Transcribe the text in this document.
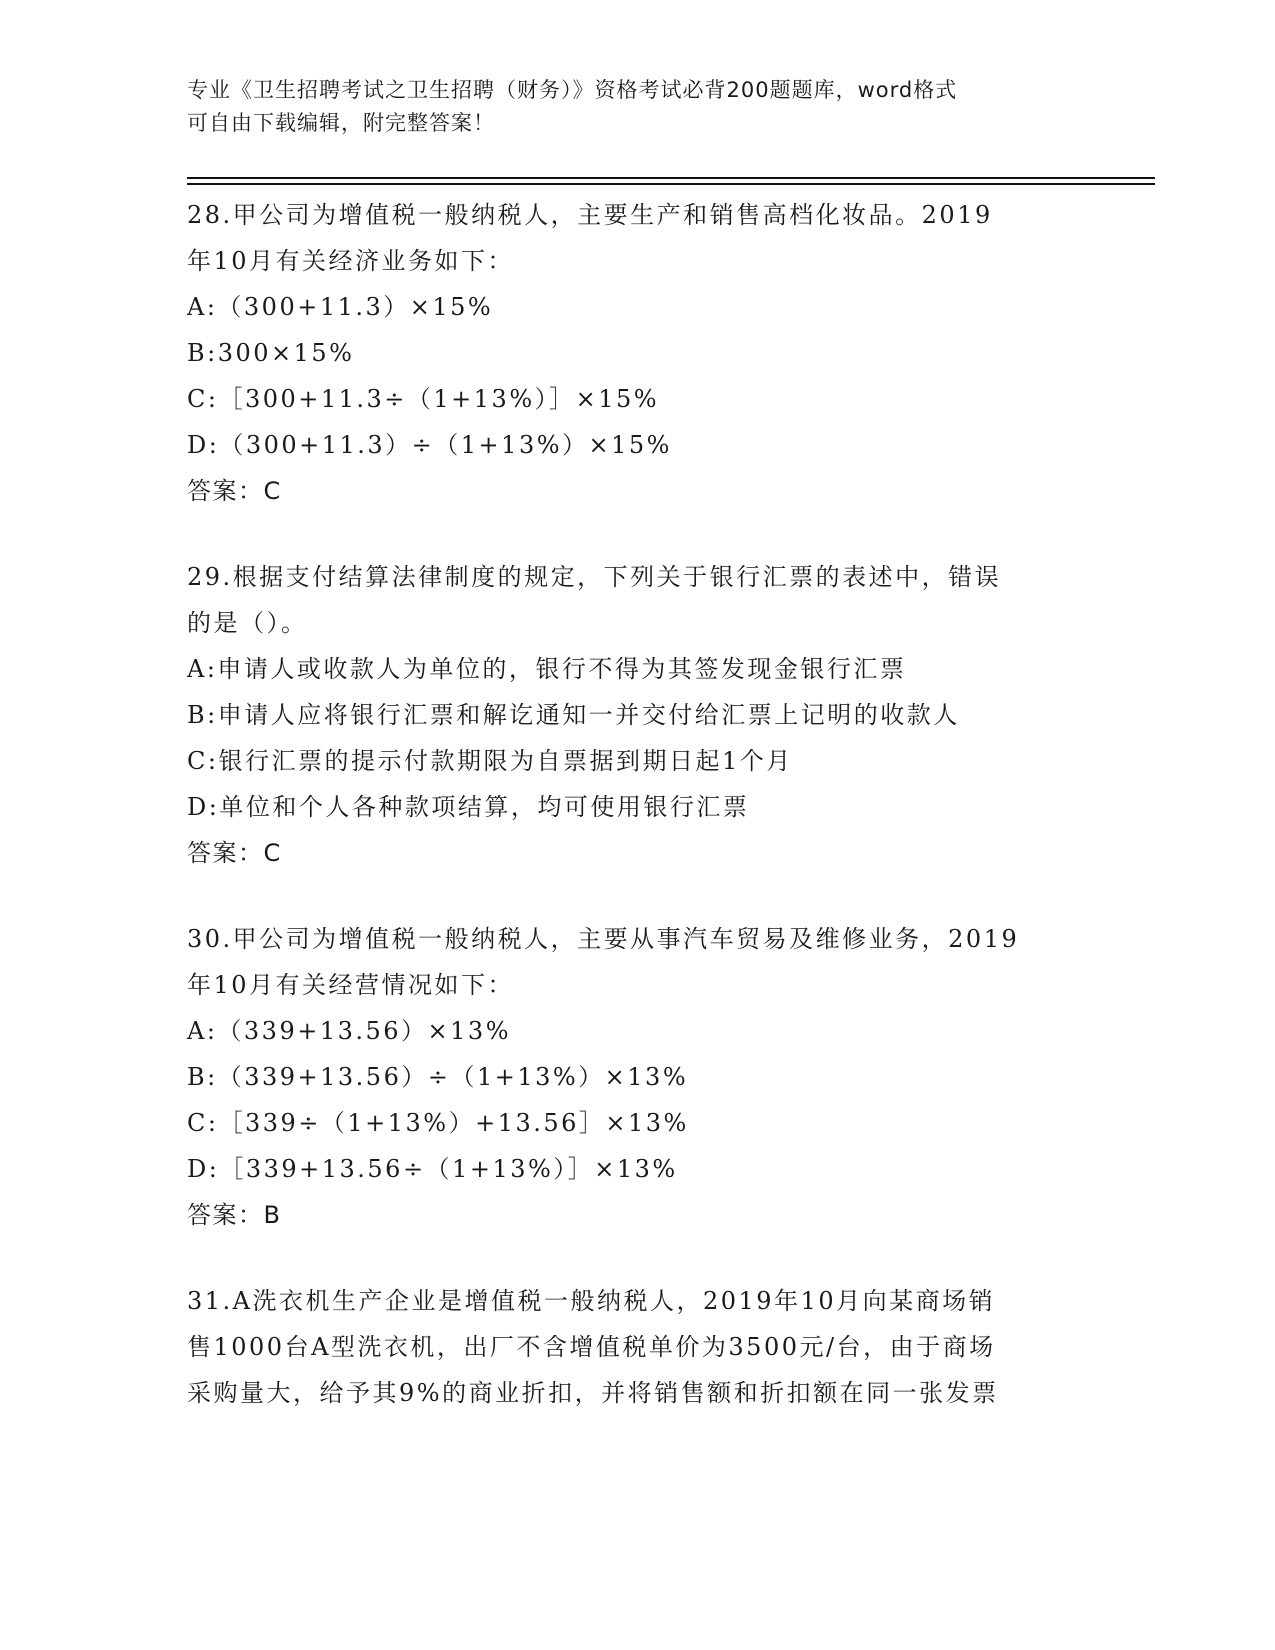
专业《卫生招聘考试之卫生招聘（财务）》资格考试必背200题题库，word格式
可自由下载编辑，附完整答案！
28.甲公司为增值税一般纳税人，主要生产和销售高档化妆品。2019
年10月有关经济业务如下：
A:（300+11.3）×15%
B:300×15%
C:［300+11.3÷（1+13%）］×15%
D:（300+11.3）÷（1+13%）×15%
答案：C
29.根据支付结算法律制度的规定，下列关于银行汇票的表述中，错误
的是（）。
A:申请人或收款人为单位的，银行不得为其签发现金银行汇票
B:申请人应将银行汇票和解讫通知一并交付给汇票上记明的收款人
C:银行汇票的提示付款期限为自票据到期日起1个月
D:单位和个人各种款项结算，均可使用银行汇票
答案：C
30.甲公司为增值税一般纳税人，主要从事汽车贸易及维修业务，2019
年10月有关经营情况如下：
A:（339+13.56）×13%
B:（339+13.56）÷（1+13%）×13%
C:［339÷（1+13%）+13.56］×13%
D:［339+13.56÷（1+13%）］×13%
答案：B
31.A洗衣机生产企业是增值税一般纳税人，2019年10月向某商场销
售1000台A型洗衣机，出厂不含增值税单价为3500元/台，由于商场
采购量大，给予其9%的商业折扣，并将销售额和折扣额在同一张发票
